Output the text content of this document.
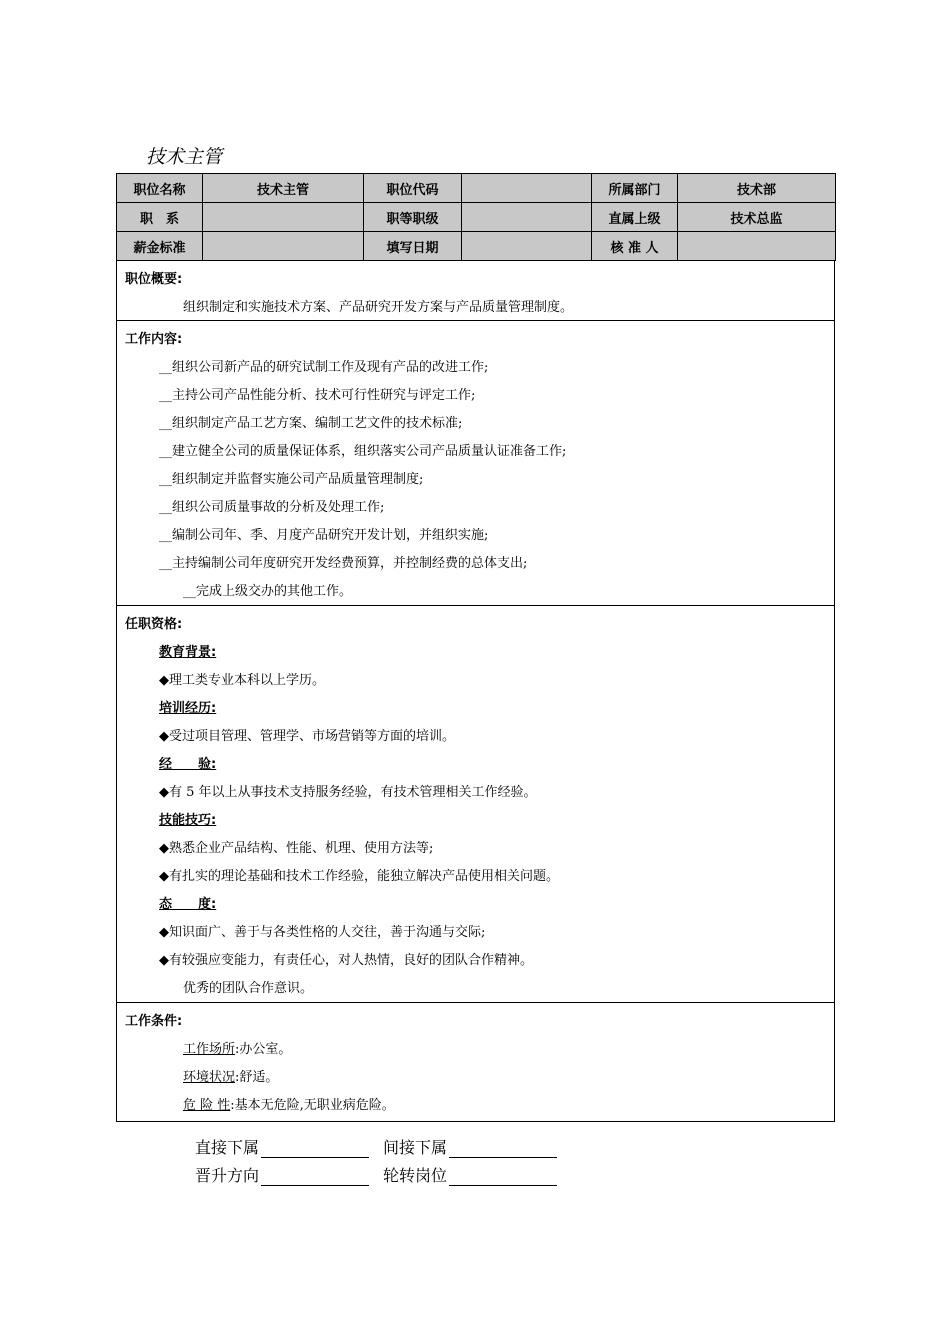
技术主管
职位名称	技术主管	职位代码		所属部门	技术部
职　系		职等职级		直属上级	技术总监
薪金标准		填写日期		核 准 人	
职位概要:
组织制定和实施技术方案、产品研究开发方案与产品质量管理制度。
工作内容:
__组织公司新产品的研究试制工作及现有产品的改进工作;
__主持公司产品性能分析、技术可行性研究与评定工作;
__组织制定产品工艺方案、编制工艺文件的技术标准;
__建立健全公司的质量保证体系，组织落实公司产品质量认证准备工作;
__组织制定并监督实施公司产品质量管理制度;
__组织公司质量事故的分析及处理工作;
__编制公司年、季、月度产品研究开发计划，并组织实施;
__主持编制公司年度研究开发经费预算，并控制经费的总体支出;
__完成上级交办的其他工作。
任职资格:
教育背景:
◆理工类专业本科以上学历。
培训经历:
◆受过项目管理、管理学、市场营销等方面的培训。
经　　验:
◆有 5 年以上从事技术支持服务经验，有技术管理相关工作经验。
技能技巧:
◆熟悉企业产品结构、性能、机理、使用方法等;
◆有扎实的理论基础和技术工作经验，能独立解决产品使用相关问题。
态　　度:
◆知识面广、善于与各类性格的人交往，善于沟通与交际;
◆有较强应变能力，有责任心，对人热情，良好的团队合作精神。
优秀的团队合作意识。
工作条件:
工作场所:办公室。
环境状况:舒适。
危 险 性:基本无危险,无职业病危险。
直接下属	间接下属
晋升方向	轮转岗位
